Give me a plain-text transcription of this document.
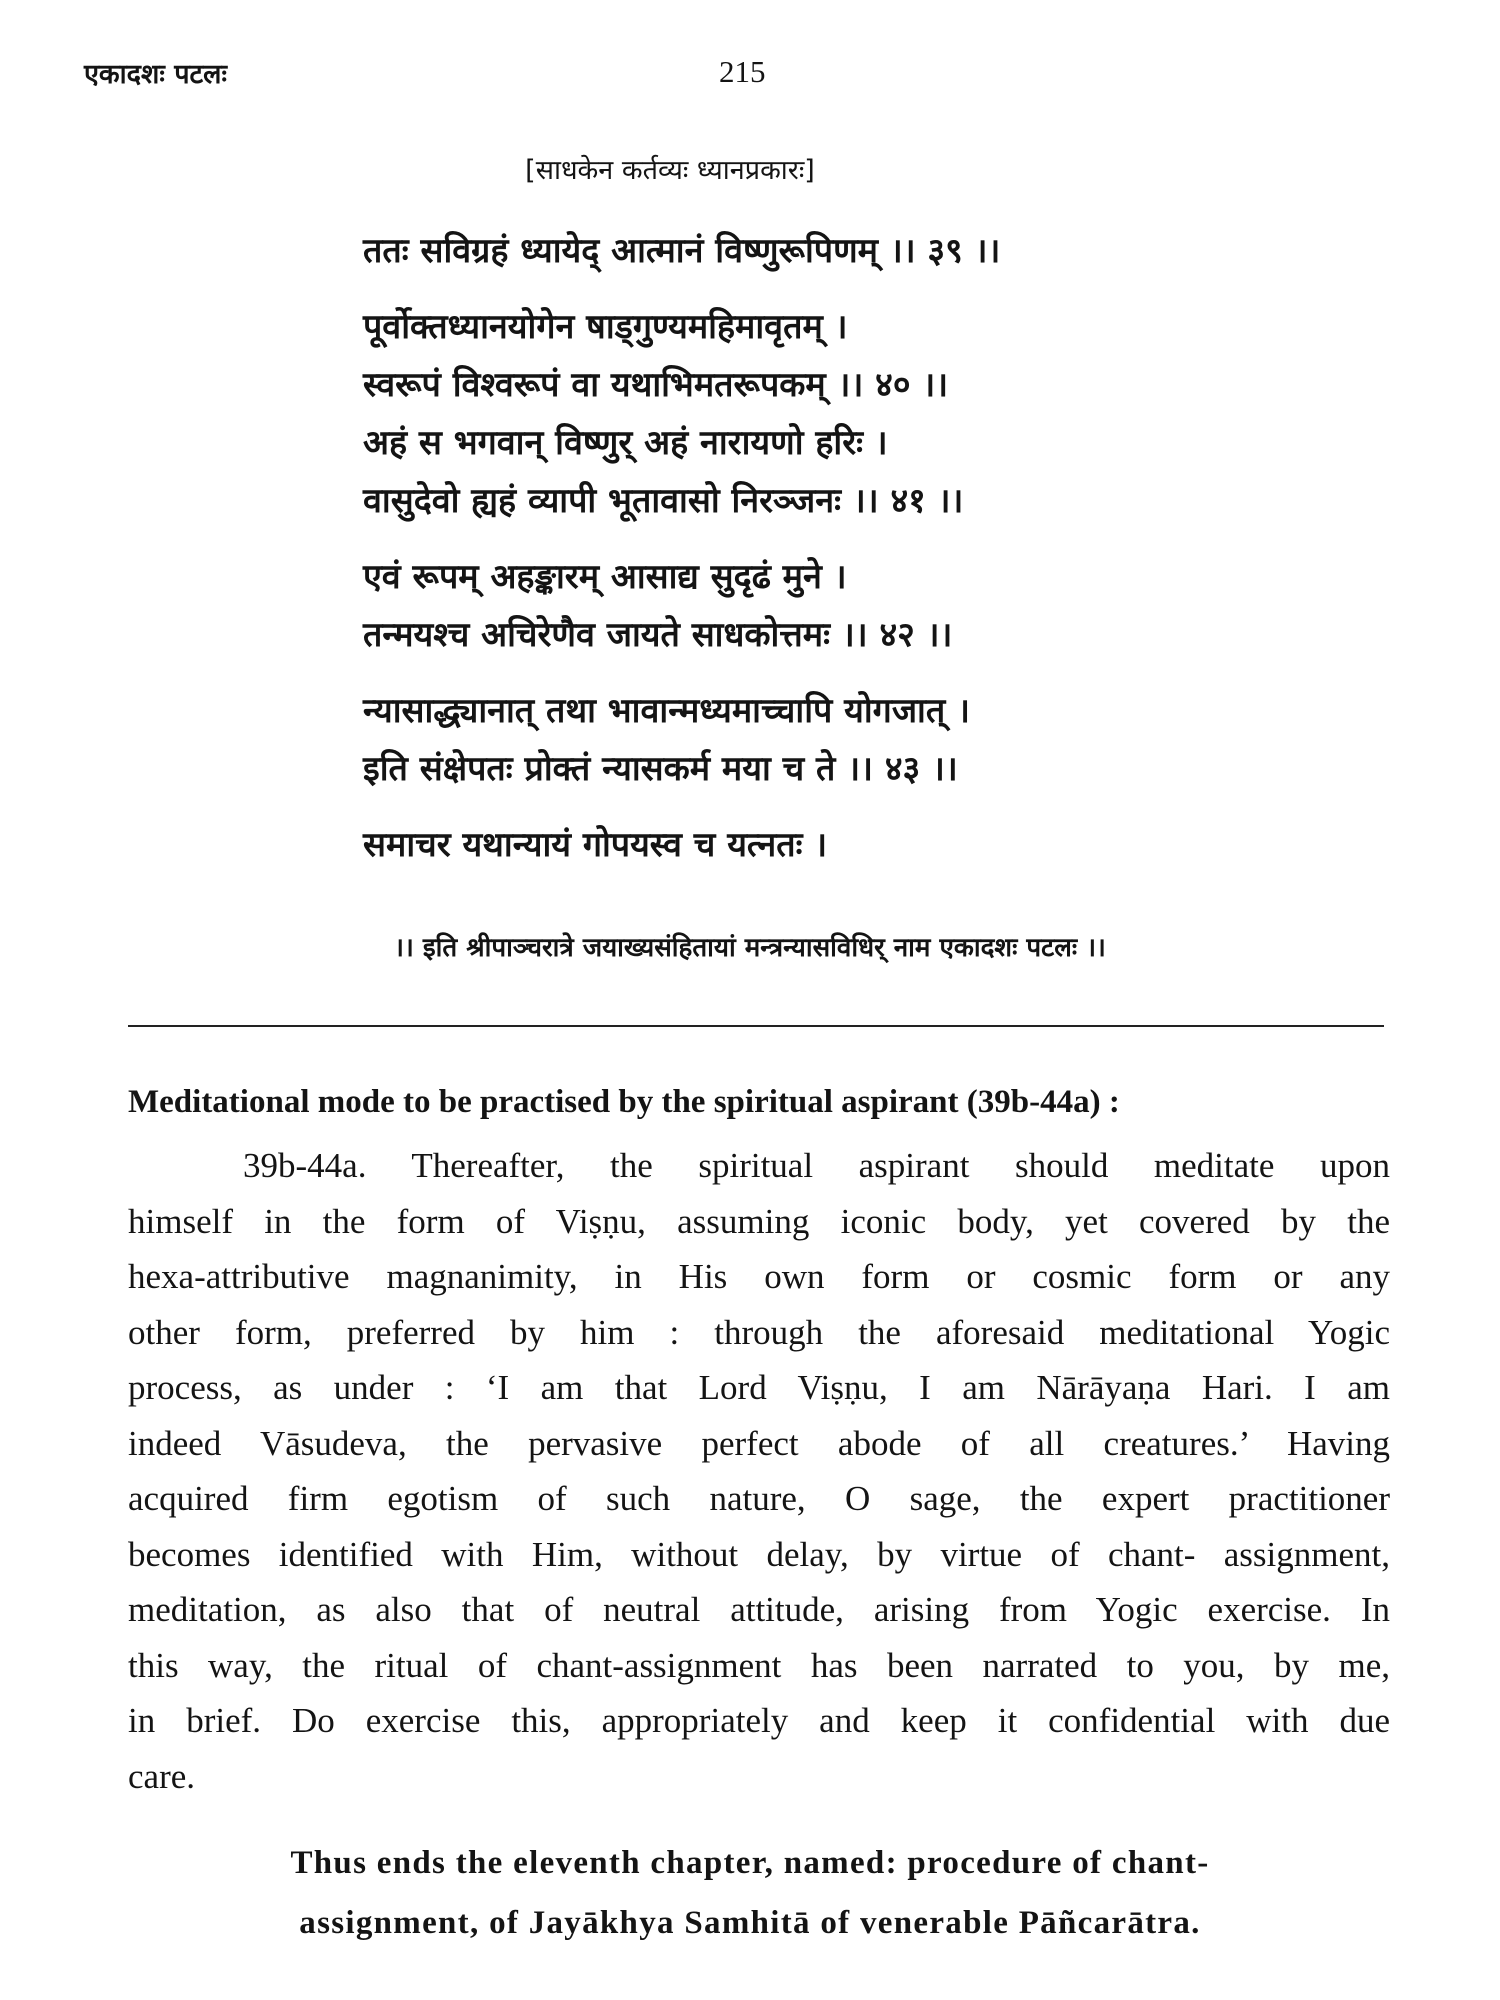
एकादशः पटलः	215
[साधकेन कर्तव्यः ध्यानप्रकारः]
ततः सविग्रहं ध्यायेद् आत्मानं विष्णुरूपिणम् ।। ३९ ।।
पूर्वोक्तध्यानयोगेन षाड्गुण्यमहिमावृतम् ।
स्वरूपं विश्वरूपं वा यथाभिमतरूपकम् ।। ४० ।।
अहं स भगवान् विष्णुर् अहं नारायणो हरिः ।
वासुदेवो ह्यहं व्यापी भूतावासो निरञ्जनः ।। ४१ ।।
एवं रूपम् अहङ्कारम् आसाद्य सुदृढं मुने ।
तन्मयश्च अचिरेणैव जायते साधकोत्तमः ।। ४२ ।।
न्यासाद्ध्यानात् तथा भावान्मध्यमाच्चापि योगजात् ।
इति संक्षेपतः प्रोक्तं न्यासकर्म मया च ते ।। ४३ ।।
समाचर यथान्यायं गोपयस्व च यत्नतः ।
।। इति श्रीपाञ्चरात्रे जयाख्यसंहितायां मन्त्रन्यासविधिर् नाम एकादशः पटलः ।।
Meditational mode to be practised by the spiritual aspirant (39b-44a) :
39b-44a. Thereafter, the spiritual aspirant should meditate upon
himself in the form of Viṣṇu, assuming iconic body, yet covered by the
hexa-attributive magnanimity, in His own form or cosmic form or any
other form, preferred by him : through the aforesaid meditational Yogic
process, as under : ‘I am that Lord Viṣṇu, I am Nārāyaṇa Hari. I am
indeed Vāsudeva, the pervasive perfect abode of all creatures.’ Having
acquired firm egotism of such nature, O sage, the expert practitioner
becomes identified with Him, without delay, by virtue of chant- assignment,
meditation, as also that of neutral attitude, arising from Yogic exercise. In
this way, the ritual of chant-assignment has been narrated to you, by me,
in brief. Do exercise this, appropriately and keep it confidential with due
care.
Thus ends the eleventh chapter, named: procedure of chant-
assignment, of Jayākhya Samhitā of venerable Pāñcarātra.
